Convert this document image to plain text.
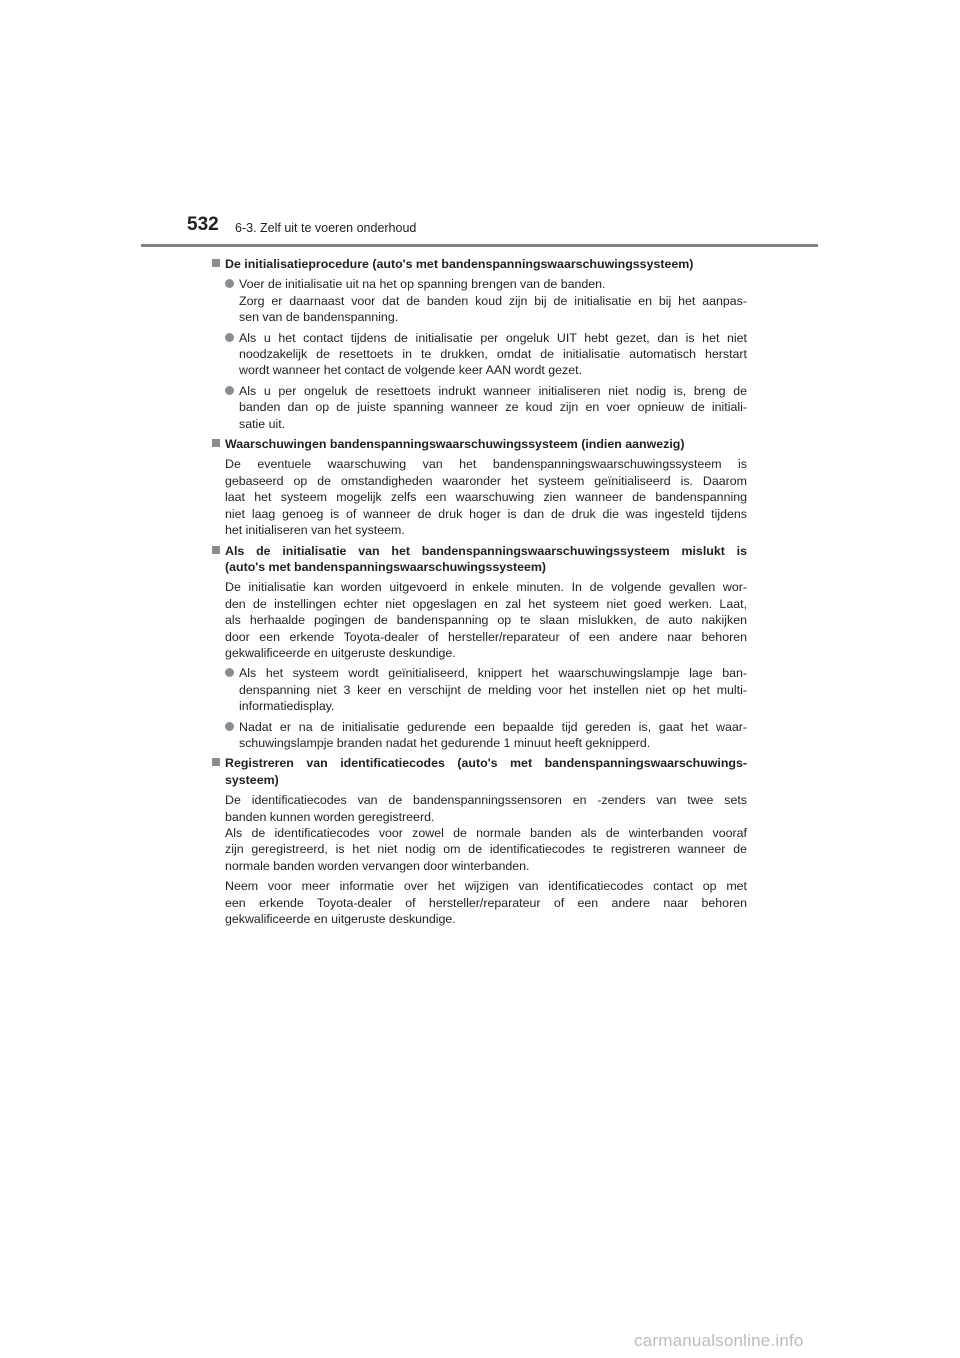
532 6-3. Zelf uit te voeren onderhoud
De initialisatieprocedure (auto's met bandenspanningswaarschuwingssysteem)
Voer de initialisatie uit na het op spanning brengen van de banden.
Zorg er daarnaast voor dat de banden koud zijn bij de initialisatie en bij het aanpas-
sen van de bandenspanning.
Als u het contact tijdens de initialisatie per ongeluk UIT hebt gezet, dan is het niet
noodzakelijk de resettoets in te drukken, omdat de initialisatie automatisch herstart
wordt wanneer het contact de volgende keer AAN wordt gezet.
Als u per ongeluk de resettoets indrukt wanneer initialiseren niet nodig is, breng de
banden dan op de juiste spanning wanneer ze koud zijn en voer opnieuw de initiali-
satie uit.
Waarschuwingen bandenspanningswaarschuwingssysteem (indien aanwezig)
De eventuele waarschuwing van het bandenspanningswaarschuwingssysteem is
gebaseerd op de omstandigheden waaronder het systeem geïnitialiseerd is. Daarom
laat het systeem mogelijk zelfs een waarschuwing zien wanneer de bandenspanning
niet laag genoeg is of wanneer de druk hoger is dan de druk die was ingesteld tijdens
het initialiseren van het systeem.
Als de initialisatie van het bandenspanningswaarschuwingssysteem mislukt is
(auto's met bandenspanningswaarschuwingssysteem)
De initialisatie kan worden uitgevoerd in enkele minuten. In de volgende gevallen wor-
den de instellingen echter niet opgeslagen en zal het systeem niet goed werken. Laat,
als herhaalde pogingen de bandenspanning op te slaan mislukken, de auto nakijken
door een erkende Toyota-dealer of hersteller/reparateur of een andere naar behoren
gekwalificeerde en uitgeruste deskundige.
Als het systeem wordt geïnitialiseerd, knippert het waarschuwingslampje lage ban-
denspanning niet 3 keer en verschijnt de melding voor het instellen niet op het multi-
informatiedisplay.
Nadat er na de initialisatie gedurende een bepaalde tijd gereden is, gaat het waar-
schuwingslampje branden nadat het gedurende 1 minuut heeft geknipperd.
Registreren van identificatiecodes (auto's met bandenspanningswaarschuwings-
systeem)
De identificatiecodes van de bandenspanningssensoren en -zenders van twee sets
banden kunnen worden geregistreerd.
Als de identificatiecodes voor zowel de normale banden als de winterbanden vooraf
zijn geregistreerd, is het niet nodig om de identificatiecodes te registreren wanneer de
normale banden worden vervangen door winterbanden.
Neem voor meer informatie over het wijzigen van identificatiecodes contact op met
een erkende Toyota-dealer of hersteller/reparateur of een andere naar behoren
gekwalificeerde en uitgeruste deskundige.
carmanualsonline.info
